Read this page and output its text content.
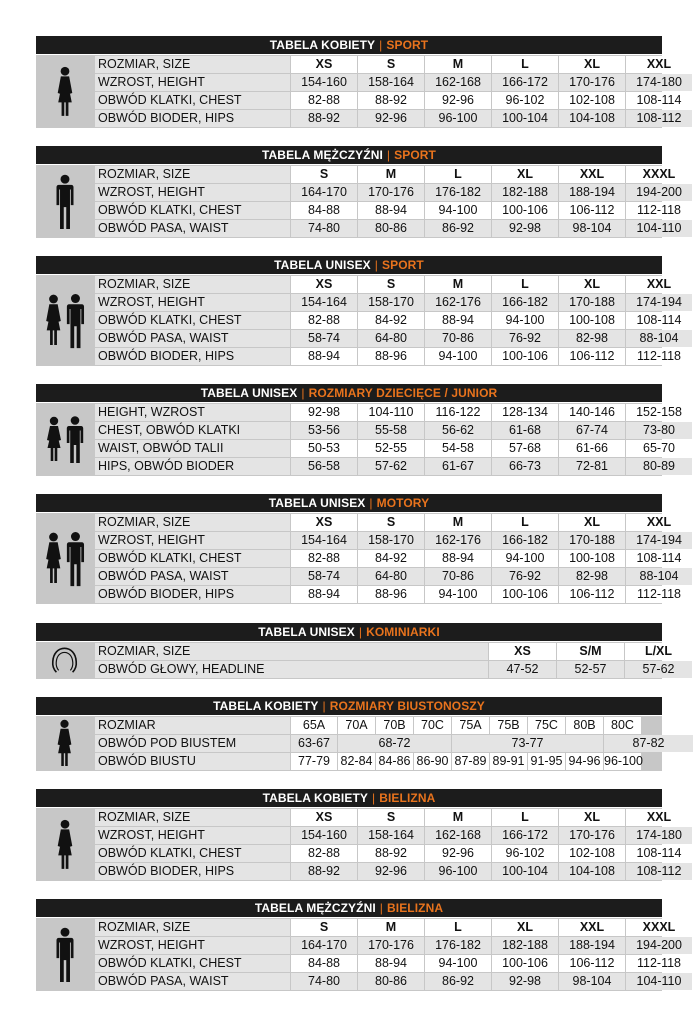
TABELA KOBIETY | SPORT
ROZMIAR, SIZE	XS	S	M	L	XL	XXL
WZROST, HEIGHT	154-160	158-164	162-168	166-172	170-176	174-180
OBWÓD KLATKI, CHEST	82-88	88-92	92-96	96-102	102-108	108-114
OBWÓD BIODER, HIPS	88-92	92-96	96-100	100-104	104-108	108-112
TABELA MĘŻCZYŹNI | SPORT
ROZMIAR, SIZE	S	M	L	XL	XXL	XXXL
WZROST, HEIGHT	164-170	170-176	176-182	182-188	188-194	194-200
OBWÓD KLATKI, CHEST	84-88	88-94	94-100	100-106	106-112	112-118
OBWÓD PASA, WAIST	74-80	80-86	86-92	92-98	98-104	104-110
TABELA UNISEX | SPORT
ROZMIAR, SIZE	XS	S	M	L	XL	XXL
WZROST, HEIGHT	154-164	158-170	162-176	166-182	170-188	174-194
OBWÓD KLATKI, CHEST	82-88	84-92	88-94	94-100	100-108	108-114
OBWÓD PASA, WAIST	58-74	64-80	70-86	76-92	82-98	88-104
OBWÓD BIODER, HIPS	88-94	88-96	94-100	100-106	106-112	112-118
TABELA UNISEX | ROZMIARY DZIECIĘCE / JUNIOR
HEIGHT, WZROST	92-98	104-110	116-122	128-134	140-146	152-158
CHEST, OBWÓD KLATKI	53-56	55-58	56-62	61-68	67-74	73-80
WAIST, OBWÓD TALII	50-53	52-55	54-58	57-68	61-66	65-70
HIPS, OBWÓD BIODER	56-58	57-62	61-67	66-73	72-81	80-89
TABELA UNISEX | MOTORY
ROZMIAR, SIZE	XS	S	M	L	XL	XXL
WZROST, HEIGHT	154-164	158-170	162-176	166-182	170-188	174-194
OBWÓD KLATKI, CHEST	82-88	84-92	88-94	94-100	100-108	108-114
OBWÓD PASA, WAIST	58-74	64-80	70-86	76-92	82-98	88-104
OBWÓD BIODER, HIPS	88-94	88-96	94-100	100-106	106-112	112-118
TABELA UNISEX | KOMINIARKI
ROZMIAR, SIZE	XS	S/M	L/XL
OBWÓD GŁOWY, HEADLINE	47-52	52-57	57-62
TABELA KOBIETY | ROZMIARY BIUSTONOSZY
ROZMIAR	65A	70A	70B	70C	75A	75B	75C	80B	80C
OBWÓD POD BIUSTEM	63-67	68-72	73-77	87-82
OBWÓD BIUSTU	77-79 82-84 84-86 86-90 87-89 89-91 91-95 94-96 96-100
TABELA KOBIETY | BIELIZNA
ROZMIAR, SIZE	XS	S	M	L	XL	XXL
WZROST, HEIGHT	154-160	158-164	162-168	166-172	170-176	174-180
OBWÓD KLATKI, CHEST	82-88	88-92	92-96	96-102	102-108	108-114
OBWÓD BIODER, HIPS	88-92	92-96	96-100	100-104	104-108	108-112
TABELA MĘŻCZYŹNI | BIELIZNA
ROZMIAR, SIZE	S	M	L	XL	XXL	XXXL
WZROST, HEIGHT	164-170	170-176	176-182	182-188	188-194	194-200
OBWÓD KLATKI, CHEST	84-88	88-94	94-100	100-106	106-112	112-118
OBWÓD PASA, WAIST	74-80	80-86	86-92	92-98	98-104	104-110
